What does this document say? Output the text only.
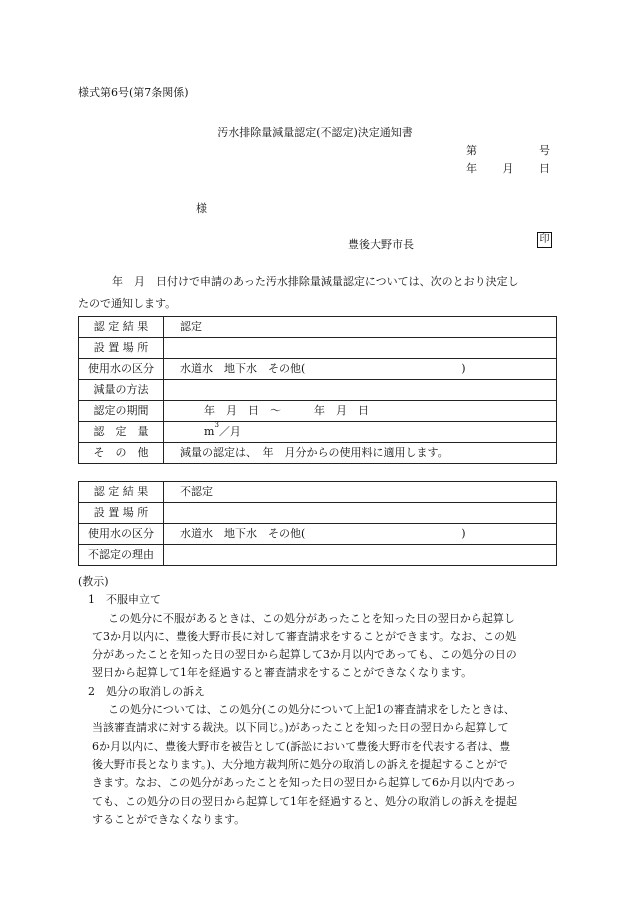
様式第6号(第7条関係)
汚水排除量減量認定(不認定)決定通知書
第	号
年 月 日
様
豊後大野市長	印

年　月　日付けで申請のあった汚水排除量減量認定については、次のとおり決定し

たので通知します。

認 定 結 果	認定
設 置 場 所	
使用水の区分	水道水　地下水　その他( )
減量の方法	
認定の期間	年　月　日　〜　　　年　月　日
認　定　量	$m^3/$月
そ　の　他	減量の認定は、　年　月分からの使用料に適用します。
認 定 結 果	不認定
設 置 場 所	
使用水の区分	水道水　地下水　その他( )
不認定の理由	

(教示)

1　不服申立て

この処分に不服があるときは、この処分があったことを知った日の翌日から起算し

て3か月以内に、豊後大野市長に対して審査請求をすることができます。なお、この処

分があったことを知った日の翌日から起算して3か月以内であっても、この処分の日の

翌日から起算して1年を経過すると審査請求をすることができなくなります。

2　処分の取消しの訴え

この処分については、この処分(この処分について上記1の審査請求をしたときは、

当該審査請求に対する裁決。以下同じ。)があったことを知った日の翌日から起算して

6か月以内に、豊後大野市を被告として(訴訟において豊後大野市を代表する者は、豊

後大野市長となります。)、大分地方裁判所に処分の取消しの訴えを提起することがで

きます。なお、この処分があったことを知った日の翌日から起算して6か月以内であっ

ても、この処分の日の翌日から起算して1年を経過すると、処分の取消しの訴えを提起

することができなくなります。
